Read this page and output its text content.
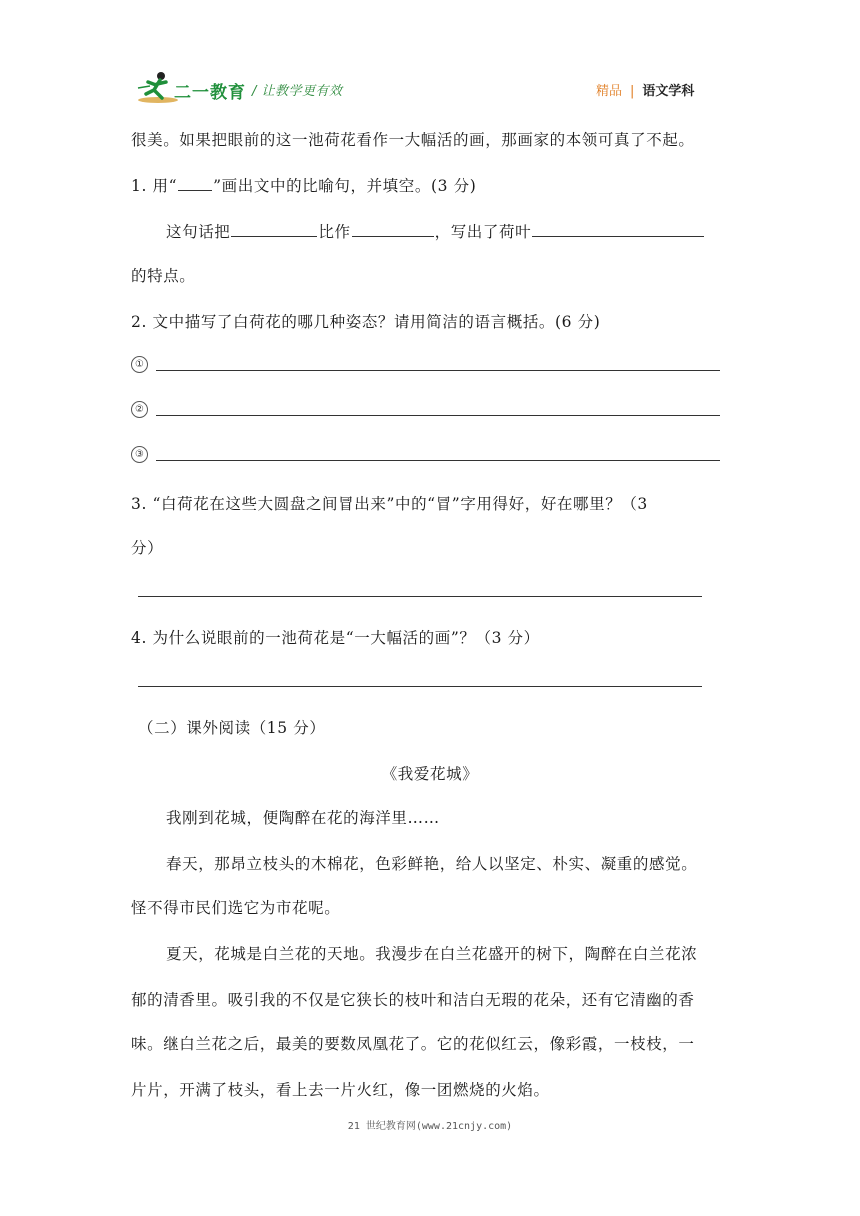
二一教育 / 让教学更有效	精品 | 语文学科
很美。如果把眼前的这一池荷花看作一大幅活的画，那画家的本领可真了不起。
1. 用“ ”画出文中的比喻句，并填空。(3 分)
这句话把	比作	，写出了荷叶
的特点。
2. 文中描写了白荷花的哪几种姿态？请用简洁的语言概括。(6 分)
①
②
③
3. “白荷花在这些大圆盘之间冒出来”中的“冒”字用得好，好在哪里？（3
分）
4. 为什么说眼前的一池荷花是“一大幅活的画”？（3 分）
（二）课外阅读（15 分）
《我爱花城》
我刚到花城，便陶醉在花的海洋里……
春天，那昂立枝头的木棉花，色彩鲜艳，给人以坚定、朴实、凝重的感觉。
怪不得市民们选它为市花呢。
夏天，花城是白兰花的天地。我漫步在白兰花盛开的树下，陶醉在白兰花浓
郁的清香里。吸引我的不仅是它狭长的枝叶和洁白无瑕的花朵，还有它清幽的香
味。继白兰花之后，最美的要数凤凰花了。它的花似红云，像彩霞，一枝枝，一
片片，开满了枝头，看上去一片火红，像一团燃烧的火焰。
21 世纪教育网(www.21cnjy.com)
